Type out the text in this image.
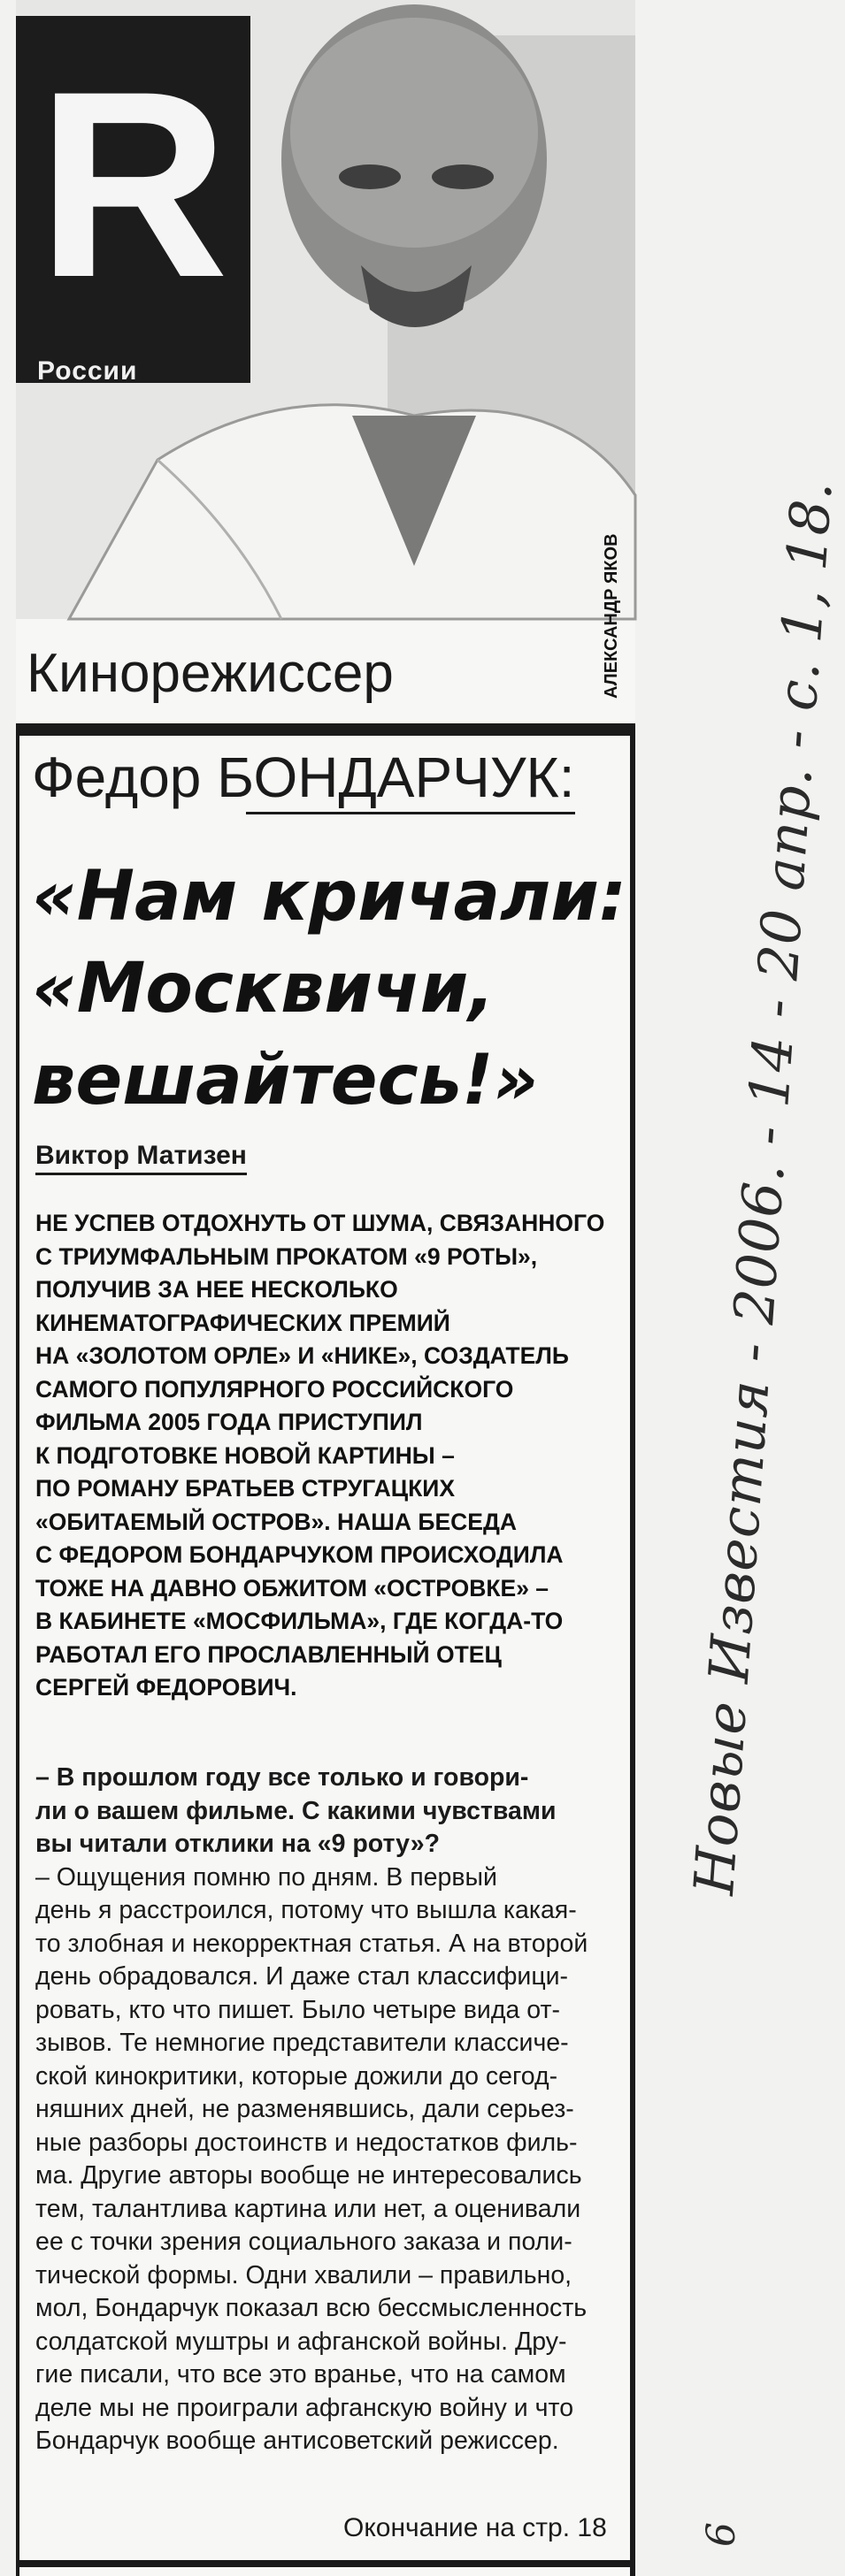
Я
России
АЛЕКСАНДР ЯКОВ
Кинорежиссер
Федор БОНДАРЧУК:
«Нам кричали:
«Москвичи,
вешайтесь!»
Виктор Матизен
НЕ УСПЕВ ОТДОХНУТЬ ОТ ШУМА, СВЯЗАННОГО
С ТРИУМФАЛЬНЫМ ПРОКАТОМ «9 РОТЫ»,
ПОЛУЧИВ ЗА НЕЕ НЕСКОЛЬКО
КИНЕМАТОГРАФИЧЕСКИХ ПРЕМИЙ
НА «ЗОЛОТОМ ОРЛЕ» И «НИКЕ», СОЗДАТЕЛЬ
САМОГО ПОПУЛЯРНОГО РОССИЙСКОГО
ФИЛЬМА 2005 ГОДА ПРИСТУПИЛ
К ПОДГОТОВКЕ НОВОЙ КАРТИНЫ –
ПО РОМАНУ БРАТЬЕВ СТРУГАЦКИХ
«ОБИТАЕМЫЙ ОСТРОВ». НАША БЕСЕДА
С ФЕДОРОМ БОНДАРЧУКОМ ПРОИСХОДИЛА
ТОЖЕ НА ДАВНО ОБЖИТОМ «ОСТРОВКЕ» –
В КАБИНЕТЕ «МОСФИЛЬМА», ГДЕ КОГДА-ТО
РАБОТАЛ ЕГО ПРОСЛАВЛЕННЫЙ ОТЕЦ
СЕРГЕЙ ФЕДОРОВИЧ.
– В прошлом году все только и говори-
ли о вашем фильме. С какими чувствами
вы читали отклики на «9 роту»?
– Ощущения помню по дням. В первый
день я расстроился, потому что вышла какая-
то злобная и некорректная статья. А на второй
день обрадовался. И даже стал классифици-
ровать, кто что пишет. Было четыре вида от-
зывов. Те немногие представители классиче-
ской кинокритики, которые дожили до сегод-
няшних дней, не разменявшись, дали серьез-
ные разборы достоинств и недостатков филь-
ма. Другие авторы вообще не интересовались
тем, талантлива картина или нет, а оценивали
ее с точки зрения социального заказа и поли-
тической формы. Одни хвалили – правильно,
мол, Бондарчук показал всю бессмысленность
солдатской муштры и афганской войны. Дру-
гие писали, что все это вранье, что на самом
деле мы не проиграли афганскую войну и что
Бондарчук вообще антисоветский режиссер.
Окончание на стр. 18
Новые Известия - 2006. - 14 - 20 апр. - с. 1, 18.
6
